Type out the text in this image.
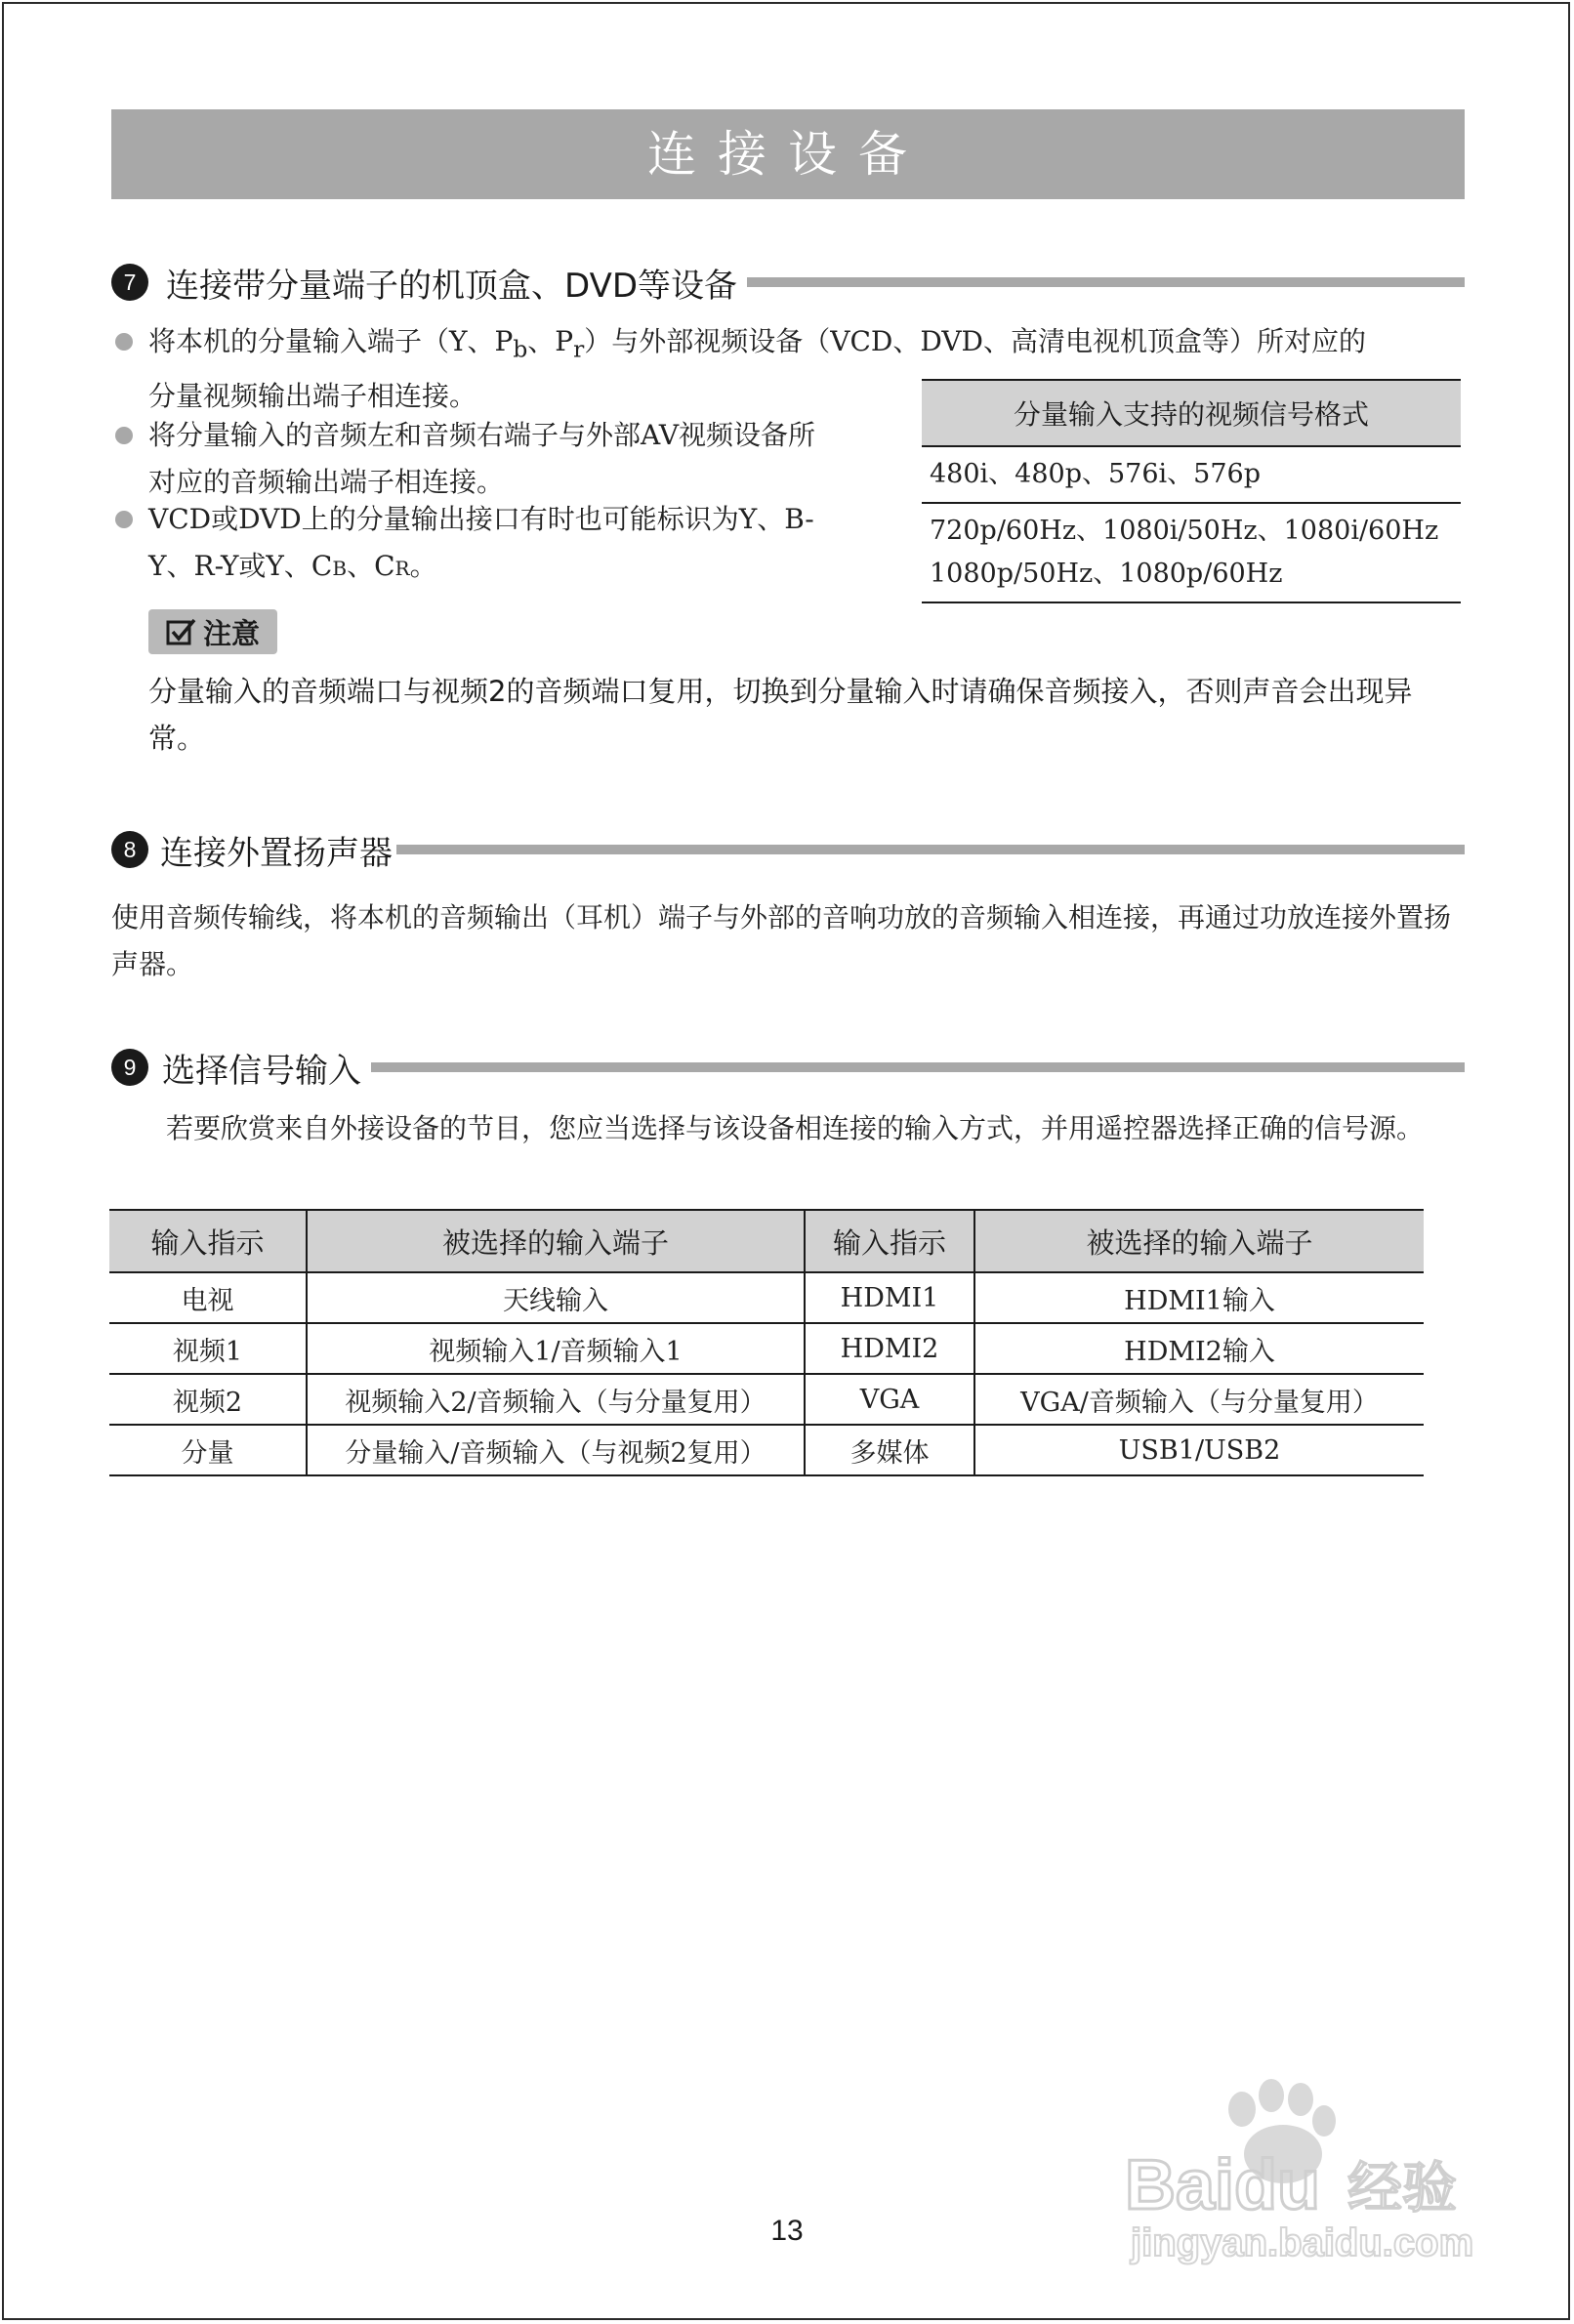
连接设备
7 连接带分量端子的机顶盒、DVD等设备
将本机的分量输入端子（Y、$P_b$、$P_r$）与外部视频设备（VCD、DVD、高清电视机顶盒等）所对应的
分量视频输出端子相连接。
将分量输入的音频左和音频右端子与外部AV视频设备所
对应的音频输出端子相连接。
VCD或DVD上的分量输出接口有时也可能标识为Y、B-
Y、R-Y或Y、CB、CR。
分量输入支持的视频信号格式
480i、480p、576i、576p

720p/60Hz、1080i/50Hz、1080i/60Hz
1080p/50Hz、1080p/60Hz
注意
分量输入的音频端口与视频2的音频端口复用，切换到分量输入时请确保音频接入，否则声音会出现异常。
8 连接外置扬声器
使用音频传输线，将本机的音频输出（耳机）端子与外部的音响功放的音频输入相连接，再通过功放连接外置扬声器。
9 选择信号输入
若要欣赏来自外接设备的节目，您应当选择与该设备相连接的输入方式，并用遥控器选择正确的信号源。
输入指示	被选择的输入端子	输入指示	被选择的输入端子
电视	天线输入	HDMI1	HDMI1输入
视频1	视频输入1/音频输入1	HDMI2	HDMI2输入
视频2	视频输入2/音频输入（与分量复用）	VGA	VGA/音频输入（与分量复用）
分量	分量输入/音频输入（与视频2复用）	多媒体	USB1/USB2
Baidu 经验
jingyan.baidu.com
13
